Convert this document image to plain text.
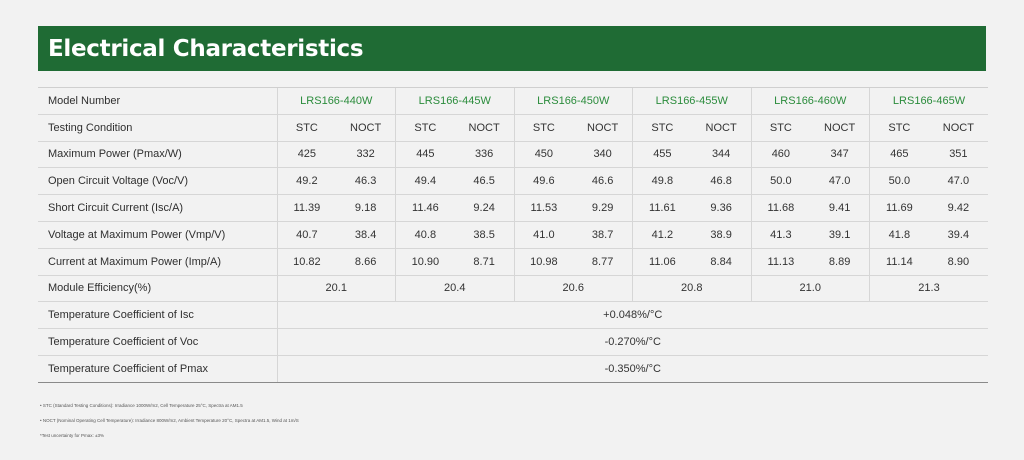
Electrical Characteristics
Model Number	LRS166-440W		LRS166-445W		LRS166-450W		LRS166-455W		LRS166-460W		LRS166-465W	
Testing Condition	STC	NOCT	STC	NOCT	STC	NOCT	STC	NOCT	STC	NOCT	STC	NOCT
Maximum Power (Pmax/W)	425	332	445	336	450	340	455	344	460	347	465	351
Open Circuit Voltage (Voc/V)	49.2	46.3	49.4	46.5	49.6	46.6	49.8	46.8	50.0	47.0	50.0	47.0
Short Circuit Current (Isc/A)	11.39	9.18	11.46	9.24	11.53	9.29	11.61	9.36	11.68	9.41	11.69	9.42
Voltage at Maximum Power (Vmp/V)	40.7	38.4	40.8	38.5	41.0	38.7	41.2	38.9	41.3	39.1	41.8	39.4
Current at Maximum Power (Imp/A)	10.82	8.66	10.90	8.71	10.98	8.77	11.06	8.84	11.13	8.89	11.14	8.90
Module Efficiency(%)	20.1		20.4		20.6		20.8		21.0		21.3	
Temperature Coefficient of Isc	+0.048%/°C											
Temperature Coefficient of Voc	-0.270%/°C											
Temperature Coefficient of Pmax	-0.350%/°C											
• STC (Standard Testing Conditions): Irradiance 1000W/m2, Cell Temperature 25°C, Spectra at AM1.5
• NOCT (Nominal Operating Cell Temperature): Irradiance 800W/m2, Ambient Temperature 20°C, Spectra at AM1.5, Wind at 1m/S
*Test uncertainty for Pmax: ±3%
